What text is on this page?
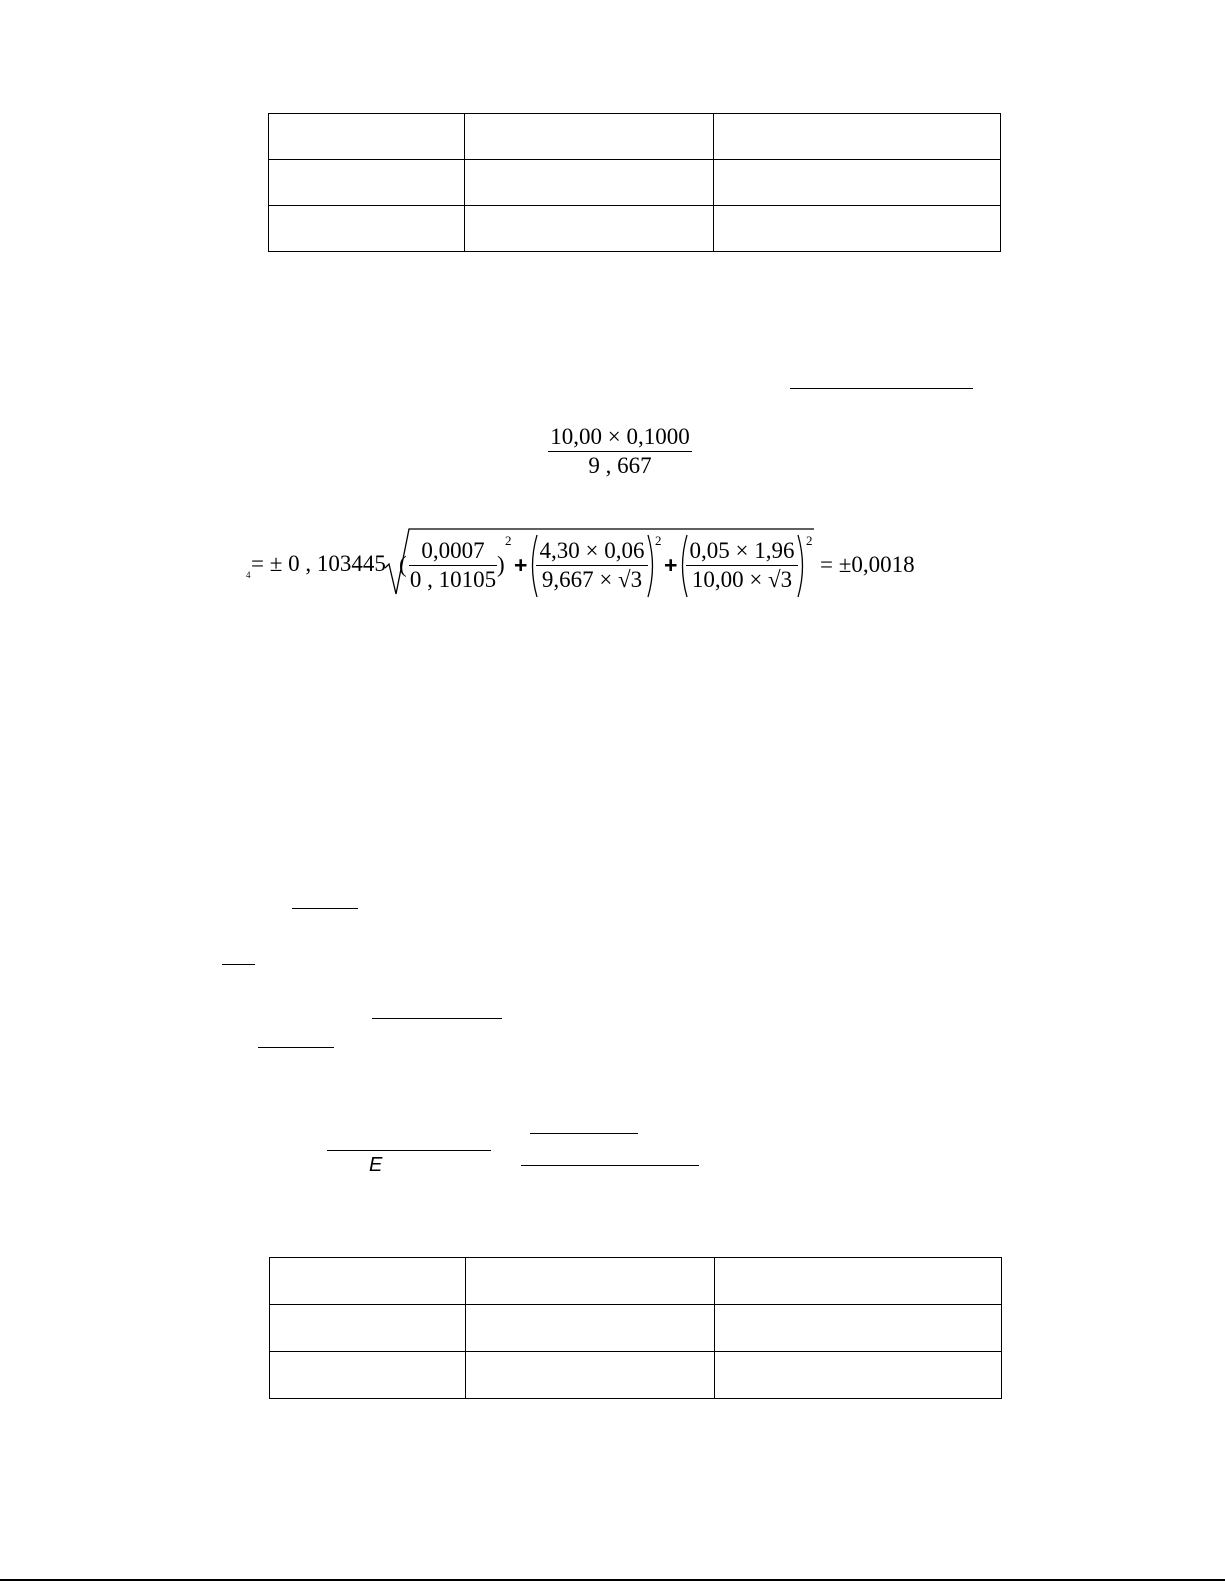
$\frac{10,00 \times 0,1000}{9 , 667}$
4 = ± 0 , 103445 ( $\frac{0,0007}{0 , 10105}$ )
2
+ $\frac{4,30 \times 0,06}{9,667 \times √3} 2$
+ $\frac{0,05 \times 1,96}{10,00 \times √3} 2$
= ±0,0018
E
